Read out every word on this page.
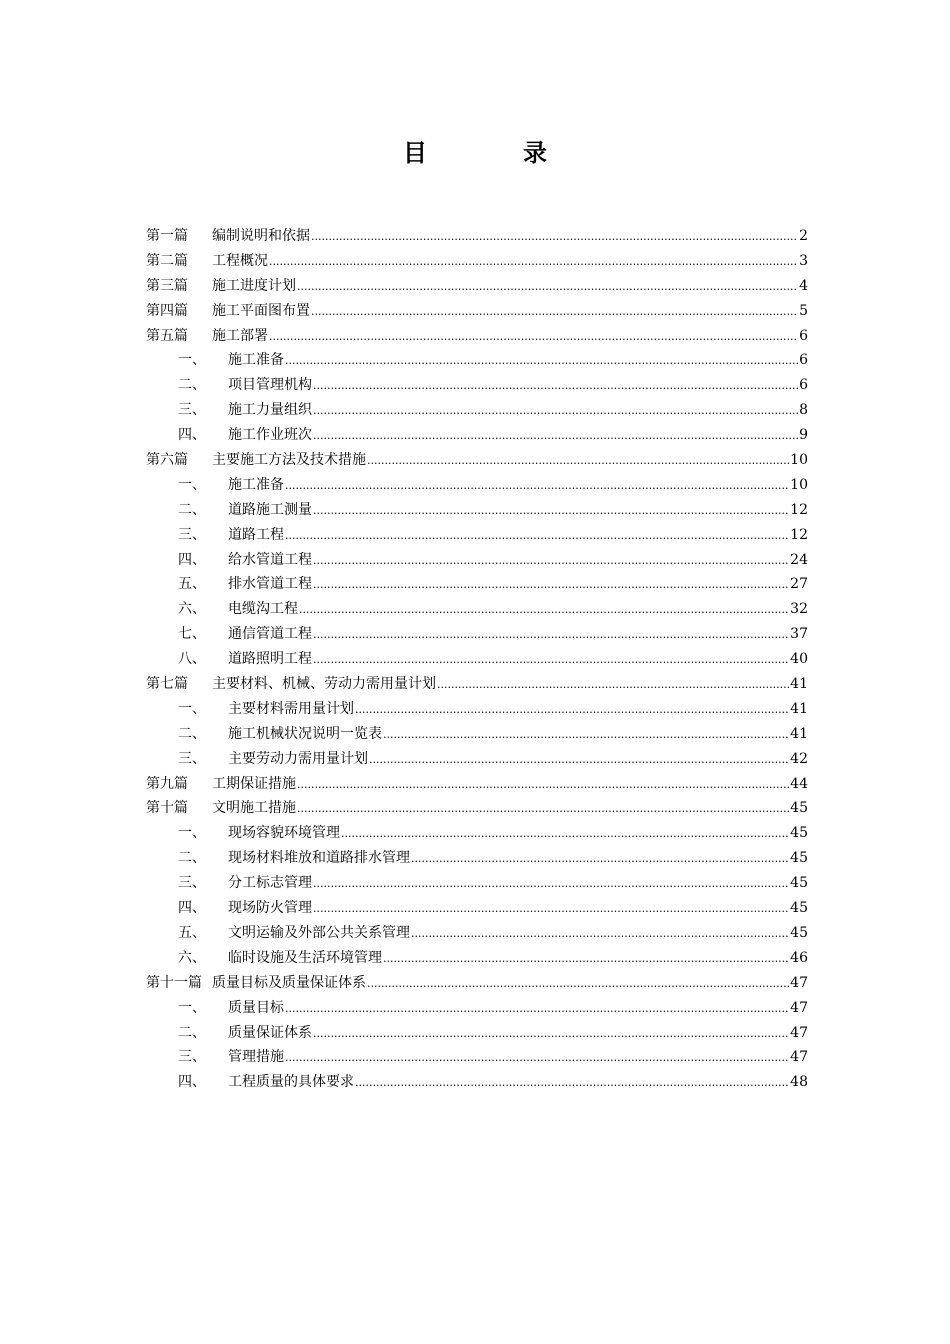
目　录
第一篇	编制说明和依据 .....	2
第二篇	工程概况 .....	3
第三篇	施工进度计划 .....	4
第四篇	施工平面图布置 .....	5
第五篇	施工部署 .....	6
一、	施工准备 .....	6
二、	项目管理机构 .....	6
三、	施工力量组织 .....	8
四、	施工作业班次 .....	9
第六篇	主要施工方法及技术措施 .....	10
一、	施工准备 .....	10
二、	道路施工测量 .....	12
三、	道路工程 .....	12
四、	给水管道工程 .....	24
五、	排水管道工程 .....	27
六、	电缆沟工程 .....	32
七、	通信管道工程 .....	37
八、	道路照明工程 .....	40
第七篇	主要材料、机械、劳动力需用量计划 .....	41
一、	主要材料需用量计划 .....	41
二、	施工机械状况说明一览表 .....	41
三、	主要劳动力需用量计划 .....	42
第九篇	工期保证措施 .....	44
第十篇	文明施工措施 .....	45
一、	现场容貌环境管理 .....	45
二、	现场材料堆放和道路排水管理 .....	45
三、	分工标志管理 .....	45
四、	现场防火管理 .....	45
五、	文明运输及外部公共关系管理 .....	45
六、	临时设施及生活环境管理 .....	46
第十一篇 质量目标及质量保证体系 .....	47
一、	质量目标 .....	47
二、	质量保证体系 .....	47
三、	管理措施 .....	47
四、	工程质量的具体要求 .....	48
